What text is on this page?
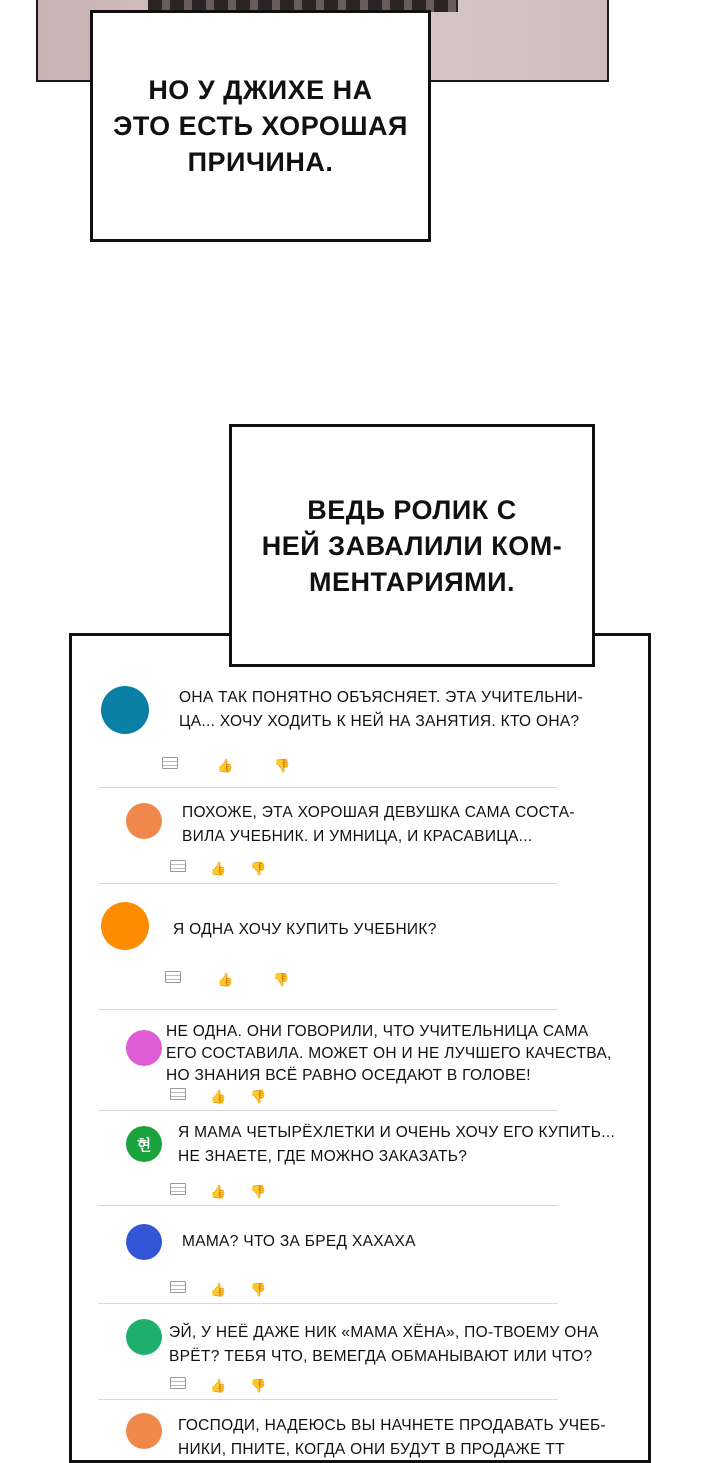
НО У ДЖИХЕ НА
ЭТО ЕСТЬ ХОРОШАЯ
ПРИЧИНА.
ВЕДЬ РОЛИК С
НЕЙ ЗАВАЛИЛИ КОМ-
МЕНТАРИЯМИ.
ОНА ТАК ПОНЯТНО ОБЪЯСНЯЕТ. ЭТА УЧИТЕЛЬНИ-
ЦА... ХОЧУ ХОДИТЬ К НЕЙ НА ЗАНЯТИЯ. КТО ОНА?
👍	👎
ПОХОЖЕ, ЭТА ХОРОШАЯ ДЕВУШКА САМА СОСТА-
ВИЛА УЧЕБНИК. И УМНИЦА, И КРАСАВИЦА...
👍 👎
Я ОДНА ХОЧУ КУПИТЬ УЧЕБНИК?
👍	👎
НЕ ОДНА. ОНИ ГОВОРИЛИ, ЧТО УЧИТЕЛЬНИЦА САМА
ЕГО СОСТАВИЛА. МОЖЕТ ОН И НЕ ЛУЧШЕГО КАЧЕСТВА,
НО ЗНАНИЯ ВСЁ РАВНО ОСЕДАЮТ В ГОЛОВЕ!
👍 👎
현
Я МАМА ЧЕТЫРЁХЛЕТКИ И ОЧЕНЬ ХОЧУ ЕГО КУПИТЬ...
НЕ ЗНАЕТЕ, ГДЕ МОЖНО ЗАКАЗАТЬ?
👍 👎
МАМА? ЧТО ЗА БРЕД ХАХАХА
👍 👎
ЭЙ, У НЕЁ ДАЖЕ НИК «МАМА ХЁНА», ПО-ТВОЕМУ ОНА
ВРЁТ? ТЕБЯ ЧТО, ВЕМЕГДА ОБМАНЫВАЮТ ИЛИ ЧТО?
👍 👎
ГОСПОДИ, НАДЕЮСЬ ВЫ НАЧНЕТЕ ПРОДАВАТЬ УЧЕБ-
НИКИ, ПНИТЕ, КОГДА ОНИ БУДУТ В ПРОДАЖЕ ТТ
